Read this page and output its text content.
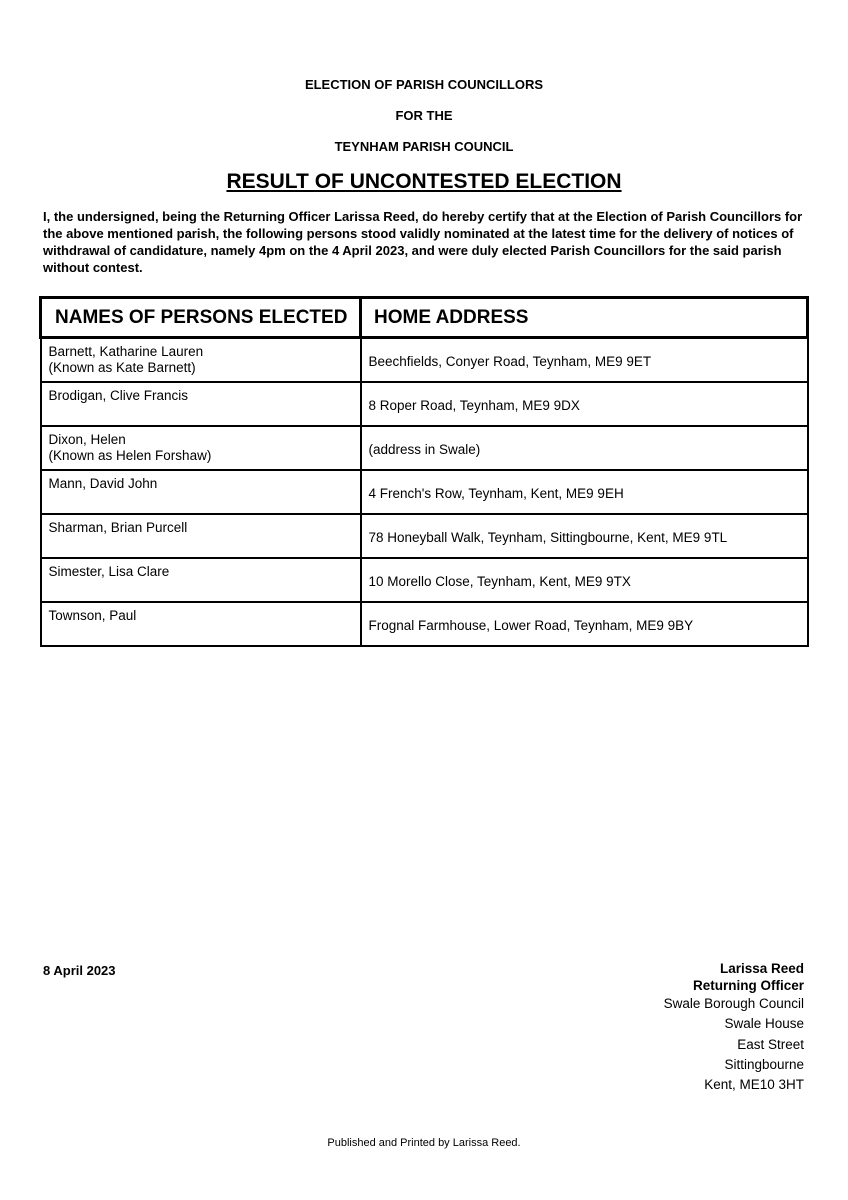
ELECTION OF PARISH COUNCILLORS
FOR THE
TEYNHAM PARISH COUNCIL
RESULT OF UNCONTESTED ELECTION
I, the undersigned, being the Returning Officer Larissa Reed, do hereby certify that at the Election of Parish Councillors for the above mentioned parish, the following persons stood validly nominated at the latest time for the delivery of notices of withdrawal of candidature, namely 4pm on the 4 April 2023, and were duly elected Parish Councillors for the said parish without contest.
NAMES OF PERSONS ELECTED	HOME ADDRESS

Barnett, Katharine Lauren
(Known as Kate Barnett)	Beechfields, Conyer Road, Teynham, ME9 9ET

Brodigan, Clive Francis	8 Roper Road, Teynham, ME9 9DX

Dixon, Helen
(Known as Helen Forshaw)	(address in Swale)

Mann, David John	4 French's Row, Teynham, Kent, ME9 9EH

Sharman, Brian Purcell	78 Honeyball Walk, Teynham, Sittingbourne, Kent, ME9 9TL

Simester, Lisa Clare	10 Morello Close, Teynham, Kent, ME9 9TX

Townson, Paul	Frognal Farmhouse, Lower Road, Teynham, ME9 9BY
8 April 2023	Larissa Reed
Returning Officer
Swale Borough Council
Swale House
East Street
Sittingbourne
Kent, ME10 3HT
Published and Printed by Larissa Reed.
